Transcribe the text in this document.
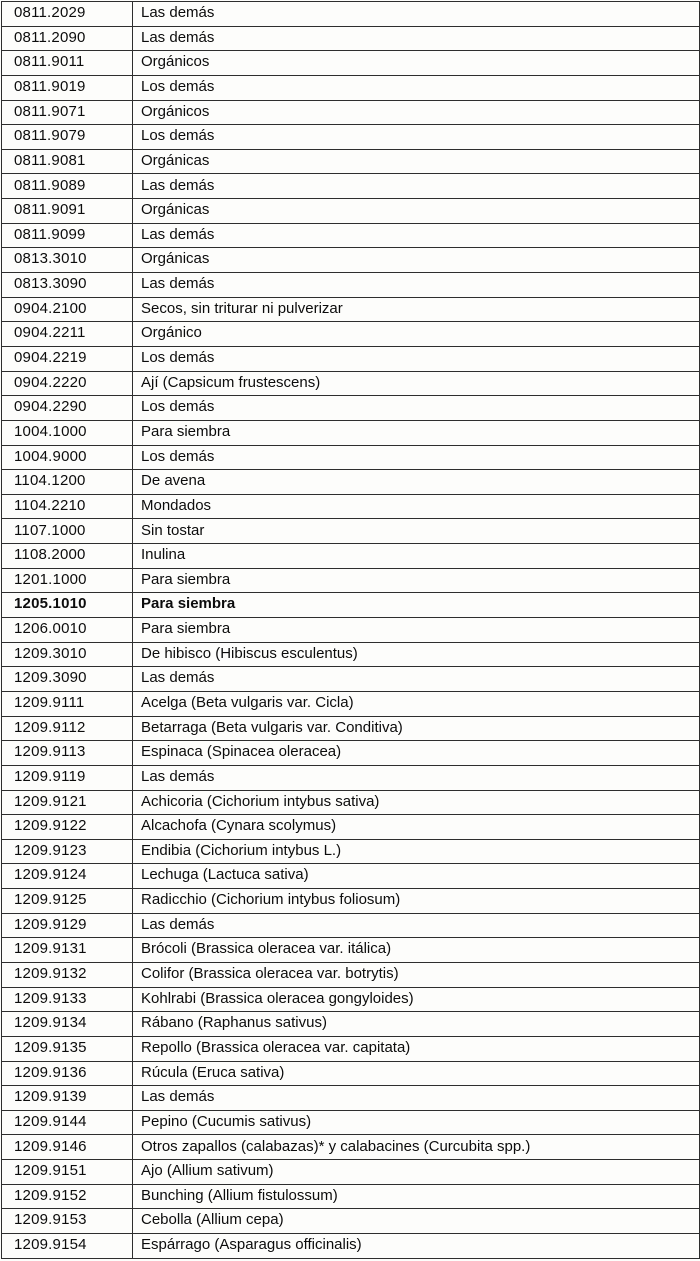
0811.2029	Las demás
0811.2090	Las demás
0811.9011	Orgánicos
0811.9019	Los demás
0811.9071	Orgánicos
0811.9079	Los demás
0811.9081	Orgánicas
0811.9089	Las demás
0811.9091	Orgánicas
0811.9099	Las demás
0813.3010	Orgánicas
0813.3090	Las demás
0904.2100	Secos, sin triturar ni pulverizar
0904.2211	Orgánico
0904.2219	Los demás
0904.2220	Ají (Capsicum frustescens)
0904.2290	Los demás
1004.1000	Para siembra
1004.9000	Los demás
1104.1200	De avena
1104.2210	Mondados
1107.1000	Sin tostar
1108.2000	Inulina
1201.1000	Para siembra
1205.1010	Para siembra
1206.0010	Para siembra
1209.3010	De hibisco (Hibiscus esculentus)
1209.3090	Las demás
1209.9111	Acelga (Beta vulgaris var. Cicla)
1209.9112	Betarraga (Beta vulgaris var. Conditiva)
1209.9113	Espinaca (Spinacea oleracea)
1209.9119	Las demás
1209.9121	Achicoria (Cichorium intybus sativa)
1209.9122	Alcachofa (Cynara scolymus)
1209.9123	Endibia (Cichorium intybus L.)
1209.9124	Lechuga (Lactuca sativa)
1209.9125	Radicchio (Cichorium intybus foliosum)
1209.9129	Las demás
1209.9131	Brócoli (Brassica oleracea var. itálica)
1209.9132	Colifor (Brassica oleracea var. botrytis)
1209.9133	Kohlrabi (Brassica oleracea gongyloides)
1209.9134	Rábano (Raphanus sativus)
1209.9135	Repollo (Brassica oleracea var. capitata)
1209.9136	Rúcula (Eruca sativa)
1209.9139	Las demás
1209.9144	Pepino (Cucumis sativus)
1209.9146	Otros zapallos (calabazas)* y calabacines (Curcubita spp.)
1209.9151	Ajo (Allium sativum)
1209.9152	Bunching (Allium fistulossum)
1209.9153	Cebolla (Allium cepa)
1209.9154	Espárrago (Asparagus officinalis)
